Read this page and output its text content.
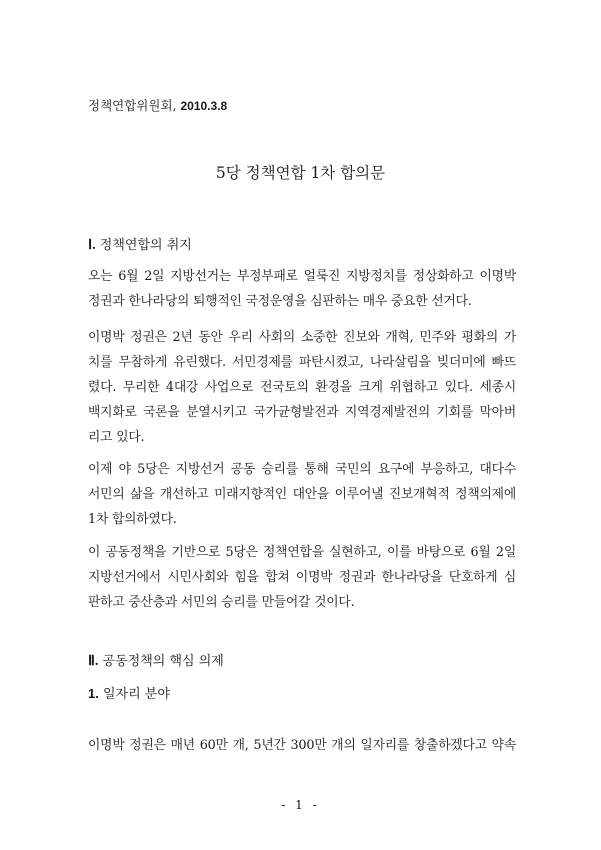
정책연합위원회, 2010.3.8
5당 정책연합 1차 합의문
Ⅰ. 정책연합의 취지
오는 6월 2일 지방선거는 부정부패로 얼룩진 지방정치를 정상화하고 이명박
정권과 한나라당의 퇴행적인 국정운영을 심판하는 매우 중요한 선거다.
이명박 정권은 2년 동안 우리 사회의 소중한 진보와 개혁, 민주와 평화의 가
치를 무참하게 유린했다. 서민경제를 파탄시켰고, 나라살림을 빚더미에 빠뜨
렸다. 무리한 4대강 사업으로 전국토의 환경을 크게 위협하고 있다. 세종시
백지화로 국론을 분열시키고 국가균형발전과 지역경제발전의 기회를 막아버
리고 있다.
이제 야 5당은 지방선거 공동 승리를 통해 국민의 요구에 부응하고, 대다수
서민의 삶을 개선하고 미래지향적인 대안을 이루어낼 진보개혁적 정책의제에
1차 합의하였다.
이 공동정책을 기반으로 5당은 정책연합을 실현하고, 이를 바탕으로 6월 2일
지방선거에서 시민사회와 힘을 합쳐 이명박 정권과 한나라당을 단호하게 심
판하고 중산층과 서민의 승리를 만들어갈 것이다.
Ⅱ. 공동정책의 핵심 의제
1. 일자리 분야
이명박 정권은 매년 60만 개, 5년간 300만 개의 일자리를 창출하겠다고 약속
- 1 -
